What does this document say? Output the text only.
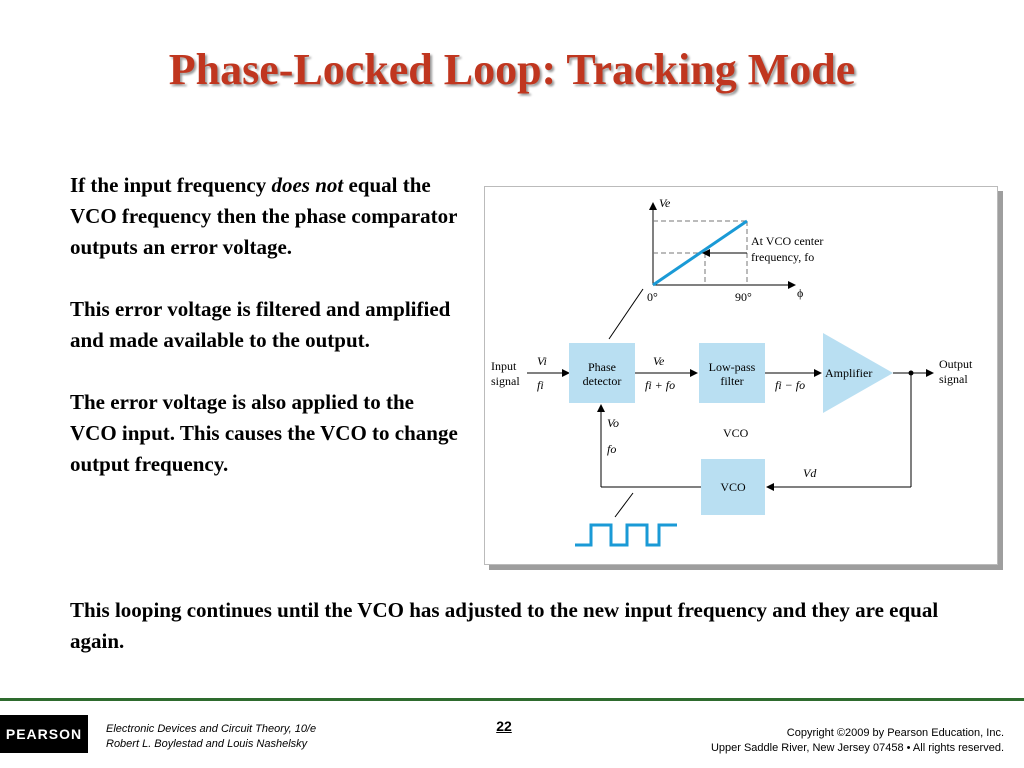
Phase-Locked Loop: Tracking Mode

If the input frequency does not equal the VCO frequency then the phase comparator outputs an error voltage.

This error voltage is filtered and amplified and made available to the output.

The error voltage is also applied to the VCO input. This causes the VCO to change output frequency.

Ve
ϕ
0°	90°
At VCO center
frequency, fo
Input
signal
Vi
fi
Phase
detector
Ve
fi + fo
Low-pass
filter	fi − fo
Amplifier
Output
signal
Vd
VCO
VCO
Vo
fo
This looping continues until the VCO has adjusted to the new input frequency and they are equal again.
PEARSON	Electronic Devices and Circuit Theory, 10/e
Robert L. Boylestad and Louis Nashelsky
22	Copyright ©2009 by Pearson Education, Inc.
Upper Saddle River, New Jersey 07458 • All rights reserved.
